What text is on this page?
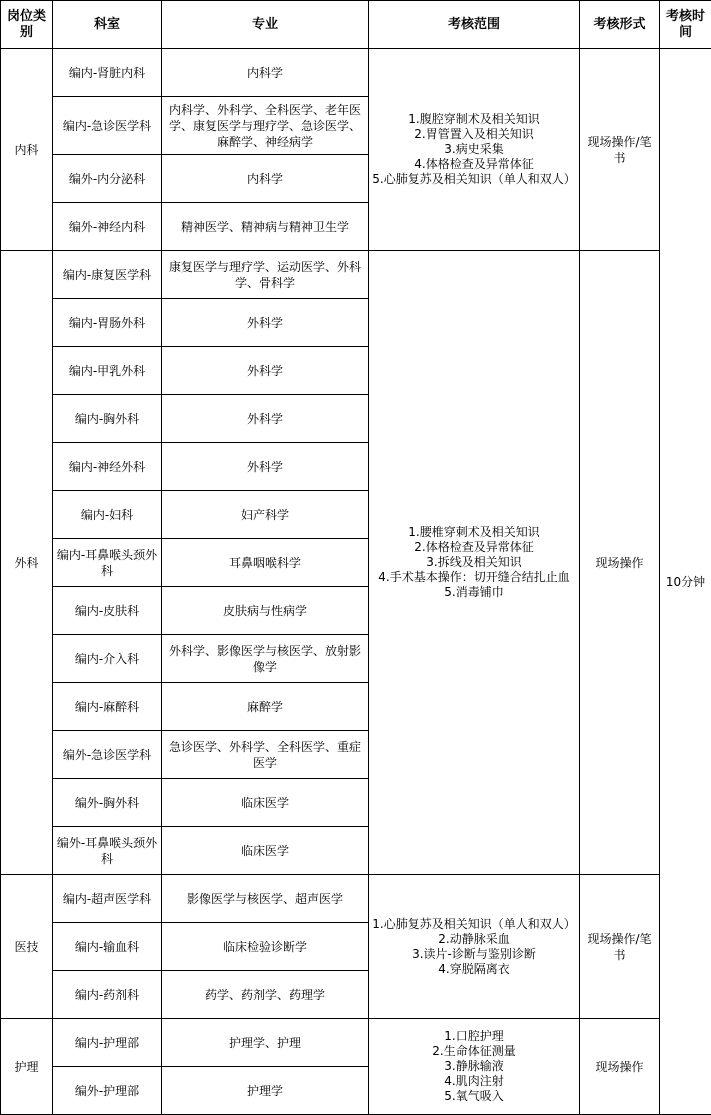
岗位类别	科室	专业	考核范围	考核形式	考核时间
内科	编内-肾脏内科	内科学	1.腹腔穿制术及相关知识
2.胃管置入及相关知识
3.病史采集
4.体格检查及异常体征
5.心肺复苏及相关知识（单人和双人）	现场操作/笔书	10分钟
	编内-急诊医学科	内科学、外科学、全科医学、老年医学、康复医学与理疗学、急诊医学、麻醉学、神经病学			
	编外-内分泌科	内科学			
	编外-神经内科	精神医学、精神病与精神卫生学			
外科	编内-康复医学科	康复医学与理疗学、运动医学、外科学、骨科学	1.腰椎穿刺术及相关知识
2.体格检查及异常体征
3.拆线及相关知识
4.手术基本操作：切开缝合结扎止血
5.消毒铺巾	现场操作	
	编内-胃肠外科	外科学			
	编内-甲乳外科	外科学			
	编内-胸外科	外科学			
	编内-神经外科	外科学			
	编内-妇科	妇产科学			
	编内-耳鼻喉头颈外科	耳鼻咽喉科学			
	编内-皮肤科	皮肤病与性病学			
	编内-介入科	外科学、影像医学与核医学、放射影像学			
	编内-麻醉科	麻醉学			
	编外-急诊医学科	急诊医学、外科学、全科医学、重症医学			
	编外-胸外科	临床医学			
	编外-耳鼻喉头颈外科	临床医学			
医技	编内-超声医学科	影像医学与核医学、超声医学	1.心肺复苏及相关知识（单人和双人）
2.动静脉采血
3.读片-诊断与鉴别诊断
4.穿脱隔离衣	现场操作/笔书	
	编内-输血科	临床检验诊断学			
	编内-药剂科	药学、药剂学、药理学			
护理	编内-护理部	护理学、护理	1.口腔护理
2.生命体征测量
3.静脉输液
4.肌肉注射
5.氧气吸入	现场操作	
	编外-护理部	护理学			
